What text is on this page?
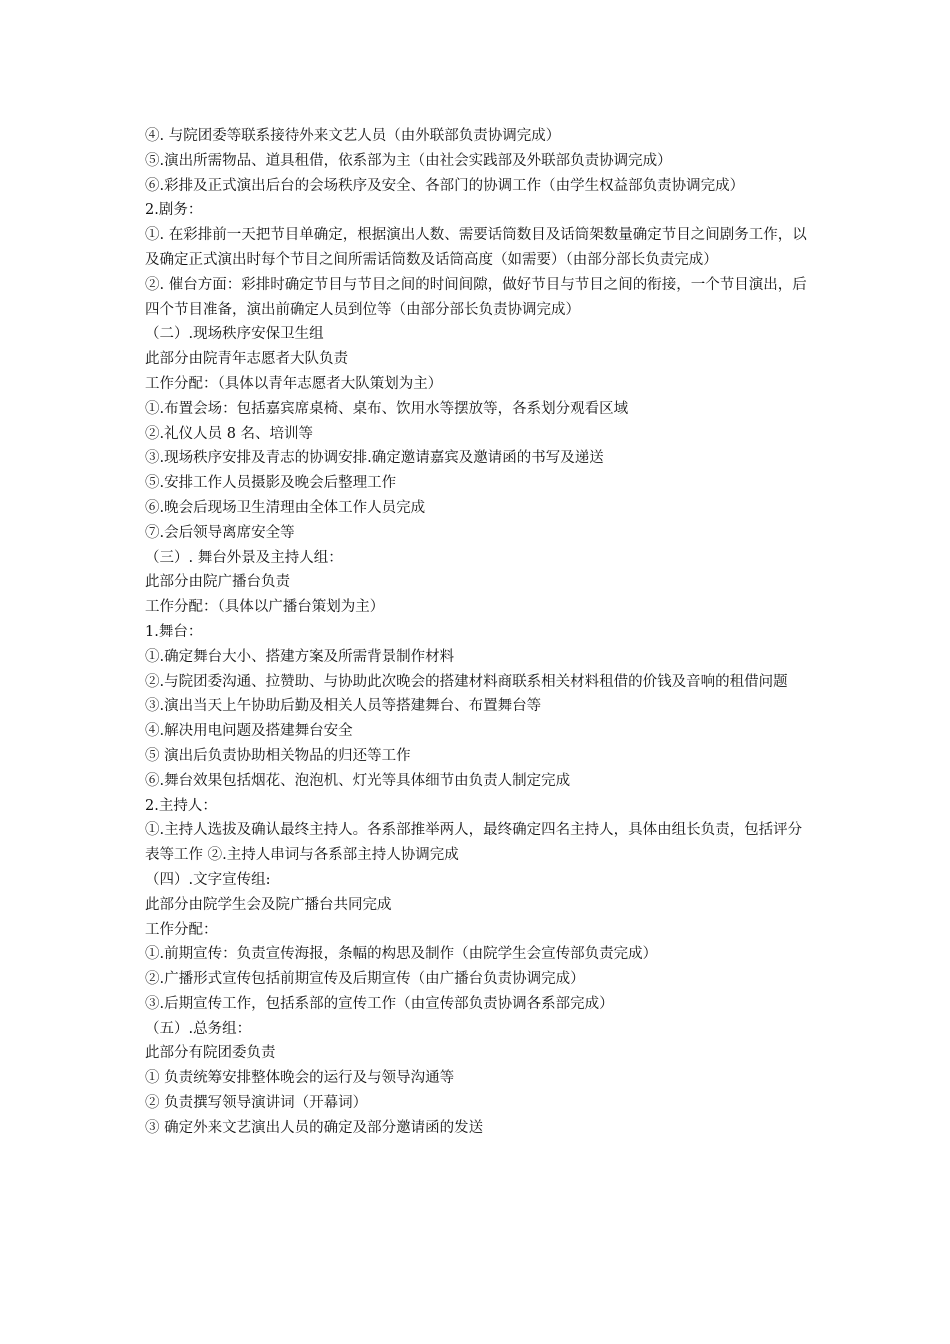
④. 与院团委等联系接待外来文艺人员（由外联部负责协调完成）

⑤.演出所需物品、道具租借，依系部为主（由社会实践部及外联部负责协调完成）

⑥.彩排及正式演出后台的会场秩序及安全、各部门的协调工作（由学生权益部负责协调完成）

2.剧务：

①. 在彩排前一天把节目单确定，根据演出人数、需要话筒数目及话筒架数量确定节目之间剧务工作，以及确定正式演出时每个节目之间所需话筒数及话筒高度（如需要）（由部分部长负责完成）

②. 催台方面：彩排时确定节目与节目之间的时间间隙，做好节目与节目之间的衔接，一个节目演出，后四个节目准备，演出前确定人员到位等（由部分部长负责协调完成）

（二）.现场秩序安保卫生组

此部分由院青年志愿者大队负责

工作分配：（具体以青年志愿者大队策划为主）

①.布置会场：包括嘉宾席桌椅、桌布、饮用水等摆放等，各系划分观看区域

②.礼仪人员 8 名、培训等

③.现场秩序安排及青志的协调安排.确定邀请嘉宾及邀请函的书写及递送

⑤.安排工作人员摄影及晚会后整理工作

⑥.晚会后现场卫生清理由全体工作人员完成

⑦.会后领导离席安全等

（三）. 舞台外景及主持人组：

此部分由院广播台负责

工作分配：（具体以广播台策划为主）

1.舞台：

①.确定舞台大小、搭建方案及所需背景制作材料

②.与院团委沟通、拉赞助、与协助此次晚会的搭建材料商联系相关材料租借的价钱及音响的租借问题

③.演出当天上午协助后勤及相关人员等搭建舞台、布置舞台等

④.解决用电问题及搭建舞台安全

⑤ 演出后负责协助相关物品的归还等工作

⑥.舞台效果包括烟花、泡泡机、灯光等具体细节由负责人制定完成

2.主持人：

①.主持人选拔及确认最终主持人。各系部推举两人，最终确定四名主持人，具体由组长负责，包括评分表等工作 ②.主持人串词与各系部主持人协调完成

（四）.文字宣传组:

此部分由院学生会及院广播台共同完成

工作分配：

①.前期宣传：负责宣传海报，条幅的构思及制作（由院学生会宣传部负责完成）

②.广播形式宣传包括前期宣传及后期宣传（由广播台负责协调完成）

③.后期宣传工作，包括系部的宣传工作（由宣传部负责协调各系部完成）

（五）.总务组：

此部分有院团委负责

① 负责统筹安排整体晚会的运行及与领导沟通等

② 负责撰写领导演讲词（开幕词）

③ 确定外来文艺演出人员的确定及部分邀请函的发送
